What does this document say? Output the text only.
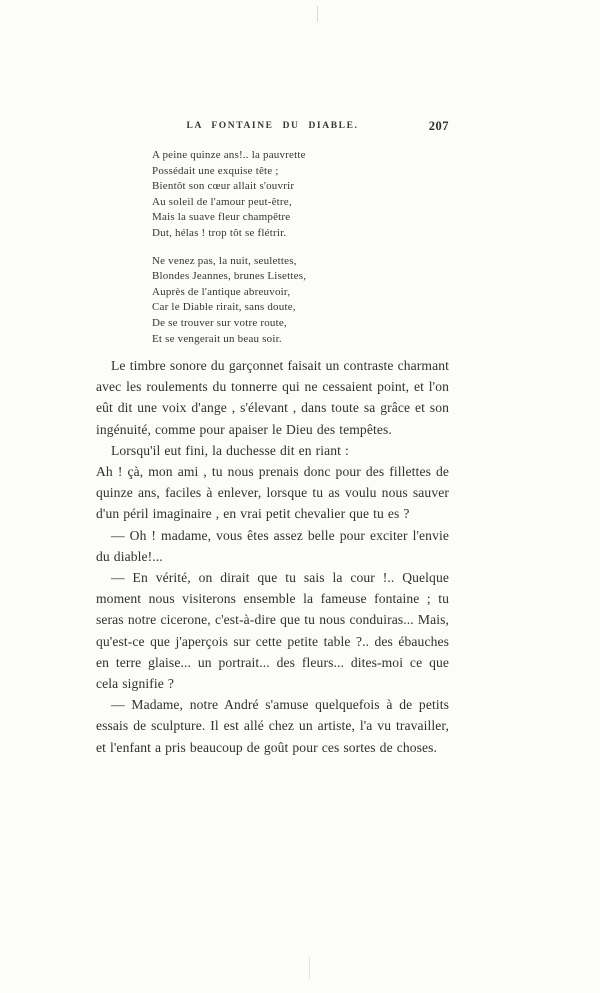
LA FONTAINE DU DIABLE.	207
A peine quinze ans!.. la pauvrette
Possédait une exquise tête ;
Bientôt son cœur allait s'ouvrir
Au soleil de l'amour peut-être,
Mais la suave fleur champêtre
Dut, hélas ! trop tôt se flétrir.
Ne venez pas, la nuit, seulettes,
Blondes Jeannes, brunes Lisettes,
Auprès de l'antique abreuvoir,
Car le Diable rirait, sans doute,
De se trouver sur votre route,
Et se vengerait un beau soir.

Le timbre sonore du garçonnet faisait un contraste charmant avec les roulements du tonnerre qui ne cessaient point, et l'on eût dit une voix d'ange , s'élevant , dans toute sa grâce et son ingénuité, comme pour apaiser le Dieu des tempêtes.

Lorsqu'il eut fini, la duchesse dit en riant :

Ah ! çà, mon ami , tu nous prenais donc pour des fillettes de quinze ans, faciles à enlever, lorsque tu as voulu nous sauver d'un péril imaginaire , en vrai petit chevalier que tu es ?

— Oh ! madame, vous êtes assez belle pour exciter l'envie du diable!...

— En vérité, on dirait que tu sais la cour !.. Quelque moment nous visiterons ensemble la fameuse fontaine ; tu seras notre cicerone, c'est-à-dire que tu nous conduiras... Mais, qu'est-ce que j'aperçois sur cette petite table ?.. des ébauches en terre glaise... un portrait... des fleurs... dites-moi ce que cela signifie ?

— Madame, notre André s'amuse quelquefois à de petits essais de sculpture. Il est allé chez un artiste, l'a vu travailler, et l'enfant a pris beaucoup de goût pour ces sortes de choses.
